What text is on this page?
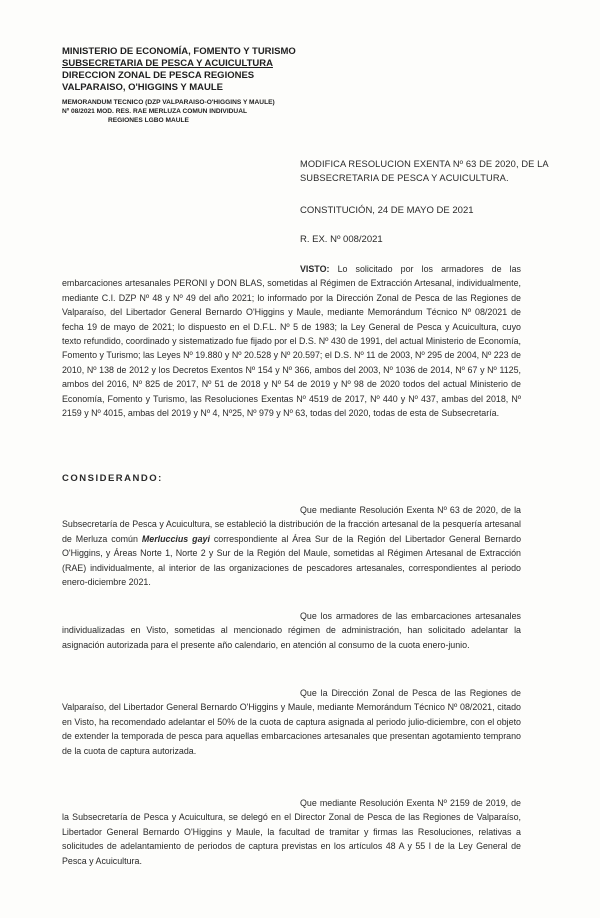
MINISTERIO DE ECONOMÍA, FOMENTO Y TURISMO
SUBSECRETARIA DE PESCA Y ACUICULTURA
DIRECCION ZONAL DE PESCA REGIONES
VALPARAISO, O'HIGGINS Y MAULE
MEMORANDUM TECNICO (DZP VALPARAISO-O'HIGGINS Y MAULE)
Nº 08/2021 MOD. RES. RAE MERLUZA COMUN INDIVIDUAL
REGIONES LGBO MAULE
MODIFICA RESOLUCION EXENTA Nº 63 DE 2020, DE LA SUBSECRETARIA DE PESCA Y ACUICULTURA.
CONSTITUCIÓN, 24 DE MAYO DE 2021
R. EX. Nº 008/2021
VISTO: Lo solicitado por los armadores de las embarcaciones artesanales PERONI y DON BLAS, sometidas al Régimen de Extracción Artesanal, individualmente, mediante C.I. DZP Nº 48 y Nº 49 del año 2021; lo informado por la Dirección Zonal de Pesca de las Regiones de Valparaíso, del Libertador General Bernardo O'Higgins y Maule, mediante Memorándum Técnico Nº 08/2021 de fecha 19 de mayo de 2021; lo dispuesto en el D.F.L. Nº 5 de 1983; la Ley General de Pesca y Acuicultura, cuyo texto refundido, coordinado y sistematizado fue fijado por el D.S. Nº 430 de 1991, del actual Ministerio de Economía, Fomento y Turismo; las Leyes Nº 19.880 y Nº 20.528 y Nº 20.597; el D.S. Nº 11 de 2003, Nº 295 de 2004, Nº 223 de 2010, Nº 138 de 2012 y los Decretos Exentos Nº 154 y Nº 366, ambos del 2003, Nº 1036 de 2014, Nº 67 y Nº 1125, ambos del 2016, Nº 825 de 2017, Nº 51 de 2018 y Nº 54 de 2019 y Nº 98 de 2020 todos del actual Ministerio de Economía, Fomento y Turismo, las Resoluciones Exentas Nº 4519 de 2017, Nº 440 y Nº 437, ambas del 2018, Nº 2159 y Nº 4015, ambas del 2019 y Nº 4, Nº25, Nº 979 y Nº 63, todas del 2020, todas de esta de Subsecretaría.
CONSIDERANDO:
Que mediante Resolución Exenta Nº 63 de 2020, de la Subsecretaría de Pesca y Acuicultura, se estableció la distribución de la fracción artesanal de la pesquería artesanal de Merluza común Merluccius gayi correspondiente al Área Sur de la Región del Libertador General Bernardo O'Higgins, y Áreas Norte 1, Norte 2 y Sur de la Región del Maule, sometidas al Régimen Artesanal de Extracción (RAE) individualmente, al interior de las organizaciones de pescadores artesanales, correspondientes al periodo enero-diciembre 2021.
Que los armadores de las embarcaciones artesanales individualizadas en Visto, sometidas al mencionado régimen de administración, han solicitado adelantar la asignación autorizada para el presente año calendario, en atención al consumo de la cuota enero-junio.
Que la Dirección Zonal de Pesca de las Regiones de Valparaíso, del Libertador General Bernardo O'Higgins y Maule, mediante Memorándum Técnico Nº 08/2021, citado en Visto, ha recomendado adelantar el 50% de la cuota de captura asignada al periodo julio-diciembre, con el objeto de extender la temporada de pesca para aquellas embarcaciones artesanales que presentan agotamiento temprano de la cuota de captura autorizada.
Que mediante Resolución Exenta Nº 2159 de 2019, de la Subsecretaría de Pesca y Acuicultura, se delegó en el Director Zonal de Pesca de las Regiones de Valparaíso, Libertador General Bernardo O'Higgins y Maule, la facultad de tramitar y firmas las Resoluciones, relativas a solicitudes de adelantamiento de periodos de captura previstas en los artículos 48 A y 55 I de la Ley General de Pesca y Acuicultura.
